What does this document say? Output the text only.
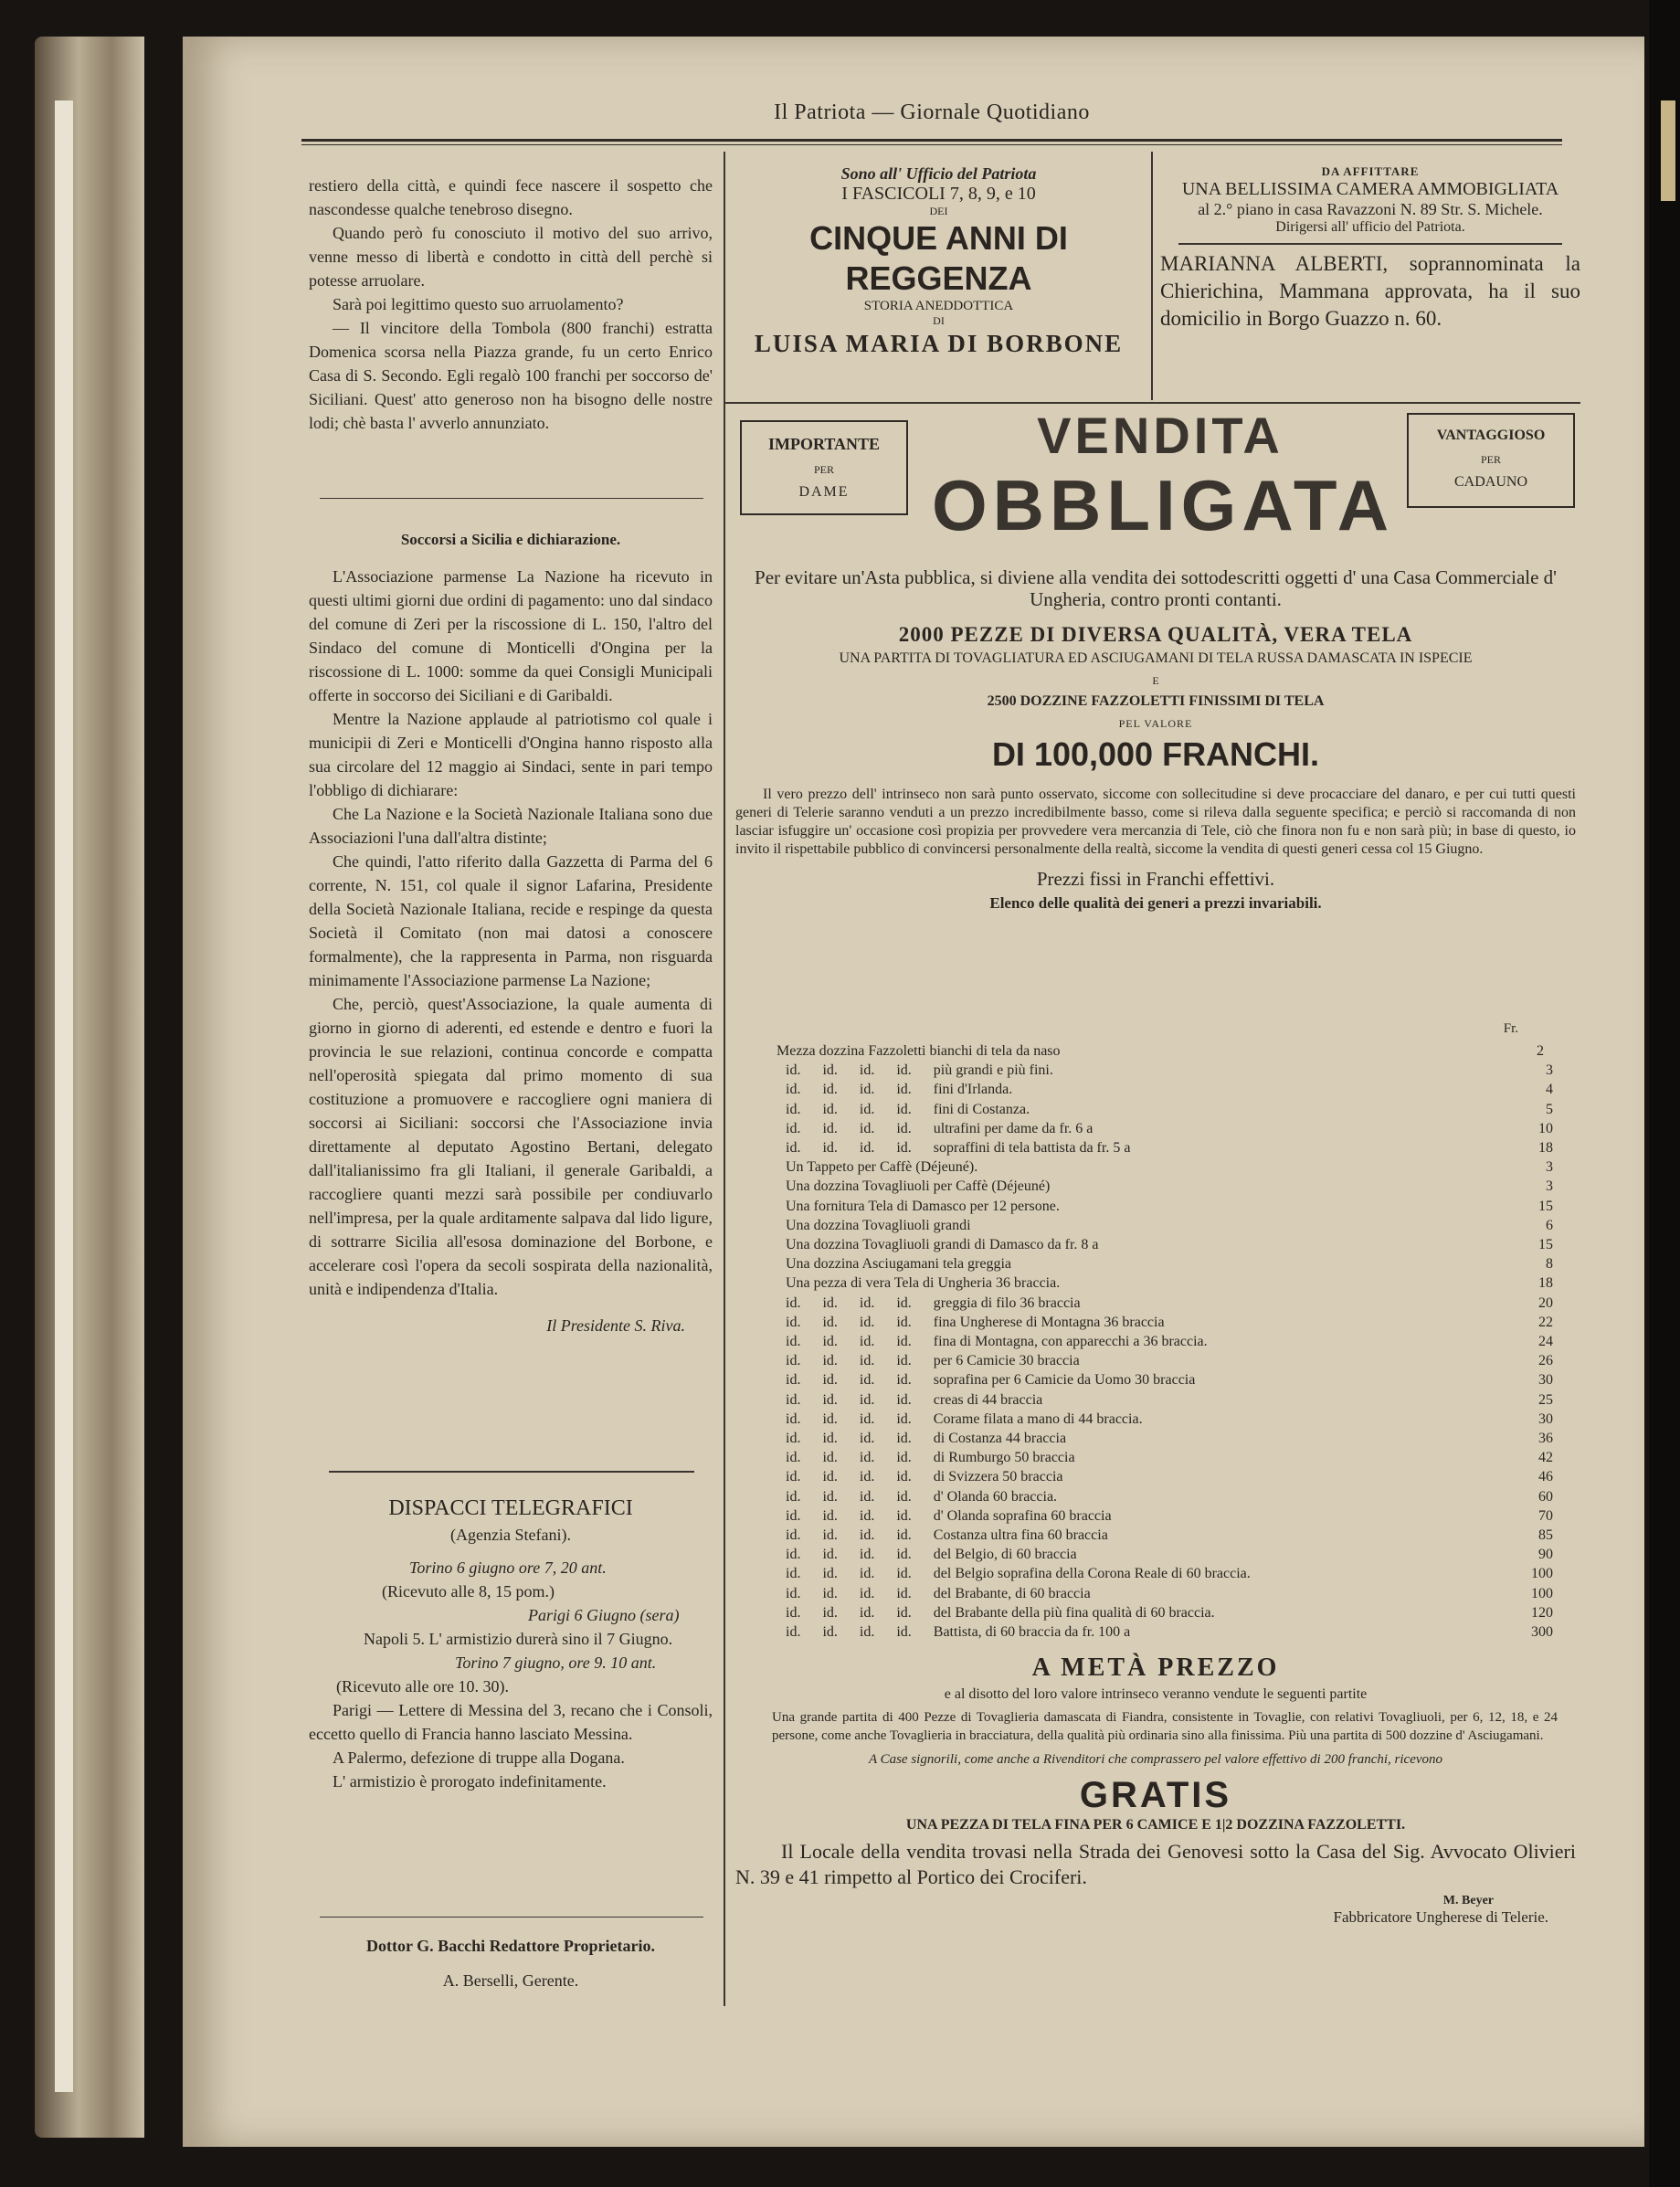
Il Patriota — Giornale Quotidiano

restiero della città, e quindi fece nascere il sospetto che nascondesse qualche tenebroso disegno.

Quando però fu conosciuto il motivo del suo arrivo, venne messo di libertà e condotto in città dell perchè si potesse arruolare.

Sarà poi legittimo questo suo arruolamento?

— Il vincitore della Tombola (800 franchi) estratta Domenica scorsa nella Piazza grande, fu un certo Enrico Casa di S. Secondo. Egli regalò 100 franchi per soccorso de' Siciliani. Quest' atto generoso non ha bisogno delle nostre lodi; chè basta l' avverlo annunziato.

Soccorsi a Sicilia e dichiarazione.

L'Associazione parmense La Nazione ha ricevuto in questi ultimi giorni due ordini di pagamento: uno dal sindaco del comune di Zeri per la riscossione di L. 150, l'altro del Sindaco del comune di Monticelli d'Ongina per la riscossione di L. 1000: somme da quei Consigli Municipali offerte in soccorso dei Siciliani e di Garibaldi.

Mentre la Nazione applaude al patriotismo col quale i municipii di Zeri e Monticelli d'Ongina hanno risposto alla sua circolare del 12 maggio ai Sindaci, sente in pari tempo l'obbligo di dichiarare:

Che La Nazione e la Società Nazionale Italiana sono due Associazioni l'una dall'altra distinte;

Che quindi, l'atto riferito dalla Gazzetta di Parma del 6 corrente, N. 151, col quale il signor Lafarina, Presidente della Società Nazionale Italiana, recide e respinge da questa Società il Comitato (non mai datosi a conoscere formalmente), che la rappresenta in Parma, non risguarda minimamente l'Associazione parmense La Nazione;

Che, perciò, quest'Associazione, la quale aumenta di giorno in giorno di aderenti, ed estende e dentro e fuori la provincia le sue relazioni, continua concorde e compatta nell'operosità spiegata dal primo momento di sua costituzione a promuovere e raccogliere ogni maniera di soccorsi ai Siciliani: soccorsi che l'Associazione invia direttamente al deputato Agostino Bertani, delegato dall'italianissimo fra gli Italiani, il generale Garibaldi, a raccogliere quanti mezzi sarà possibile per condiuvarlo nell'impresa, per la quale arditamente salpava dal lido ligure, di sottrarre Sicilia all'esosa dominazione del Borbone, e accelerare così l'opera da secoli sospirata della nazionalità, unità e indipendenza d'Italia.

Il Presidente S. Riva.
DISPACCI TELEGRAFICI
(Agenzia Stefani).
Torino 6 giugno ore 7, 20 ant.
(Ricevuto alle 8, 15 pom.)
Parigi 6 Giugno (sera)
Napoli 5. L' armistizio durerà sino il 7 Giugno.
Torino 7 giugno, ore 9. 10 ant.
(Ricevuto alle ore 10. 30).

Parigi — Lettere di Messina del 3, recano che i Consoli, eccetto quello di Francia hanno lasciato Messina.

A Palermo, defezione di truppe alla Dogana.

L' armistizio è prorogato indefinitamente.

Dottor G. Bacchi Redattore Proprietario.
A. Berselli, Gerente.
Sono all' Ufficio del Patriota
I FASCICOLI 7, 8, 9, e 10
DEI
CINQUE ANNI DI REGGENZA
STORIA ANEDDOTTICA
DI
LUISA MARIA DI BORBONE
DA AFFITTARE
UNA BELLISSIMA CAMERA AMMOBIGLIATA
al 2.° piano in casa Ravazzoni N. 89 Str. S. Michele.
Dirigersi all' ufficio del Patriota.
MARIANNA ALBERTI, soprannominata la Chierichina, Mammana approvata, ha il suo domicilio in Borgo Guazzo n. 60.
IMPORTANTE
PER
DAME
VANTAGGIOSO
PER
CADAUNO
VENDITA
OBBLIGATA
Per evitare un'Asta pubblica, si diviene alla vendita dei sottodescritti oggetti d' una Casa Commerciale d' Ungheria, contro pronti contanti.
2000 PEZZE DI DIVERSA QUALITÀ, VERA TELA
UNA PARTITA DI TOVAGLIATURA ED ASCIUGAMANI DI TELA RUSSA DAMASCATA IN ISPECIE
E
2500 DOZZINE FAZZOLETTI FINISSIMI DI TELA
PEL VALORE
DI 100,000 FRANCHI.
Il vero prezzo dell' intrinseco non sarà punto osservato, siccome con sollecitudine si deve procacciare del danaro, e per cui tutti questi generi di Telerie saranno venduti a un prezzo incredibilmente basso, come si rileva dalla seguente specifica; e perciò si raccomanda di non lasciar isfuggire un' occasione così propizia per provvedere vera mercanzia di Tele, ciò che finora non fu e non sarà più; in base di questo, io invito il rispettabile pubblico di convincersi personalmente della realtà, siccome la vendita di questi generi cessa col 15 Giugno.
Prezzi fissi in Franchi effettivi.
Elenco delle qualità dei generi a prezzi invariabili.
Fr.
Mezza dozzina Fazzoletti bianchi di tela da naso	2
id.      id.      id.      id.      più grandi e più fini.	3
id.      id.      id.      id.      fini d'Irlanda.	4
id.      id.      id.      id.      fini di Costanza.	5
id.      id.      id.      id.      ultrafini per dame da fr. 6 a	10
id.      id.      id.      id.      sopraffini di tela battista da fr. 5 a	18
Un Tappeto per Caffè (Déjeuné).	3
Una dozzina Tovagliuoli per Caffè (Déjeuné)	3
Una fornitura Tela di Damasco per 12 persone.	15
Una dozzina Tovagliuoli grandi	6
Una dozzina Tovagliuoli grandi di Damasco da fr. 8 a	15
Una dozzina Asciugamani tela greggia	8
Una pezza di vera Tela di Ungheria 36 braccia.	18
id.      id.      id.      id.      greggia di filo 36 braccia	20
id.      id.      id.      id.      fina Ungherese di Montagna 36 braccia	22
id.      id.      id.      id.      fina di Montagna, con apparecchi a 36 braccia.	24
id.      id.      id.      id.      per 6 Camicie 30 braccia	26
id.      id.      id.      id.      soprafina per 6 Camicie da Uomo 30 braccia	30
id.      id.      id.      id.      creas di 44 braccia	25
id.      id.      id.      id.      Corame filata a mano di 44 braccia.	30
id.      id.      id.      id.      di Costanza 44 braccia	36
id.      id.      id.      id.      di Rumburgo 50 braccia	42
id.      id.      id.      id.      di Svizzera 50 braccia	46
id.      id.      id.      id.      d' Olanda 60 braccia.	60
id.      id.      id.      id.      d' Olanda soprafina 60 braccia	70
id.      id.      id.      id.      Costanza ultra fina 60 braccia	85
id.      id.      id.      id.      del Belgio, di 60 braccia	90
id.      id.      id.      id.      del Belgio soprafina della Corona Reale di 60 braccia.	100
id.      id.      id.      id.      del Brabante, di 60 braccia	100
id.      id.      id.      id.      del Brabante della più fina qualità di 60 braccia.	120
id.      id.      id.      id.      Battista, di 60 braccia da fr. 100 a	300
A METÀ PREZZO
e al disotto del loro valore intrinseco veranno vendute le seguenti partite
Una grande partita di 400 Pezze di Tovaglieria damascata di Fiandra, consistente in Tovaglie, con relativi Tovagliuoli, per 6, 12, 18, e 24 persone, come anche Tovaglieria in bracciatura, della qualità più ordinaria sino alla finissima. Più una partita di 500 dozzine d' Asciugamani.
A Case signorili, come anche a Rivenditori che comprassero pel valore effettivo di 200 franchi, ricevono
GRATIS
UNA PEZZA DI TELA FINA PER 6 CAMICE E 1|2 DOZZINA FAZZOLETTI.
Il Locale della vendita trovasi nella Strada dei Genovesi sotto la Casa del Sig. Avvocato Olivieri N. 39 e 41 rimpetto al Portico dei Crociferi.
M. Beyer
Fabbricatore Ungherese di Telerie.
